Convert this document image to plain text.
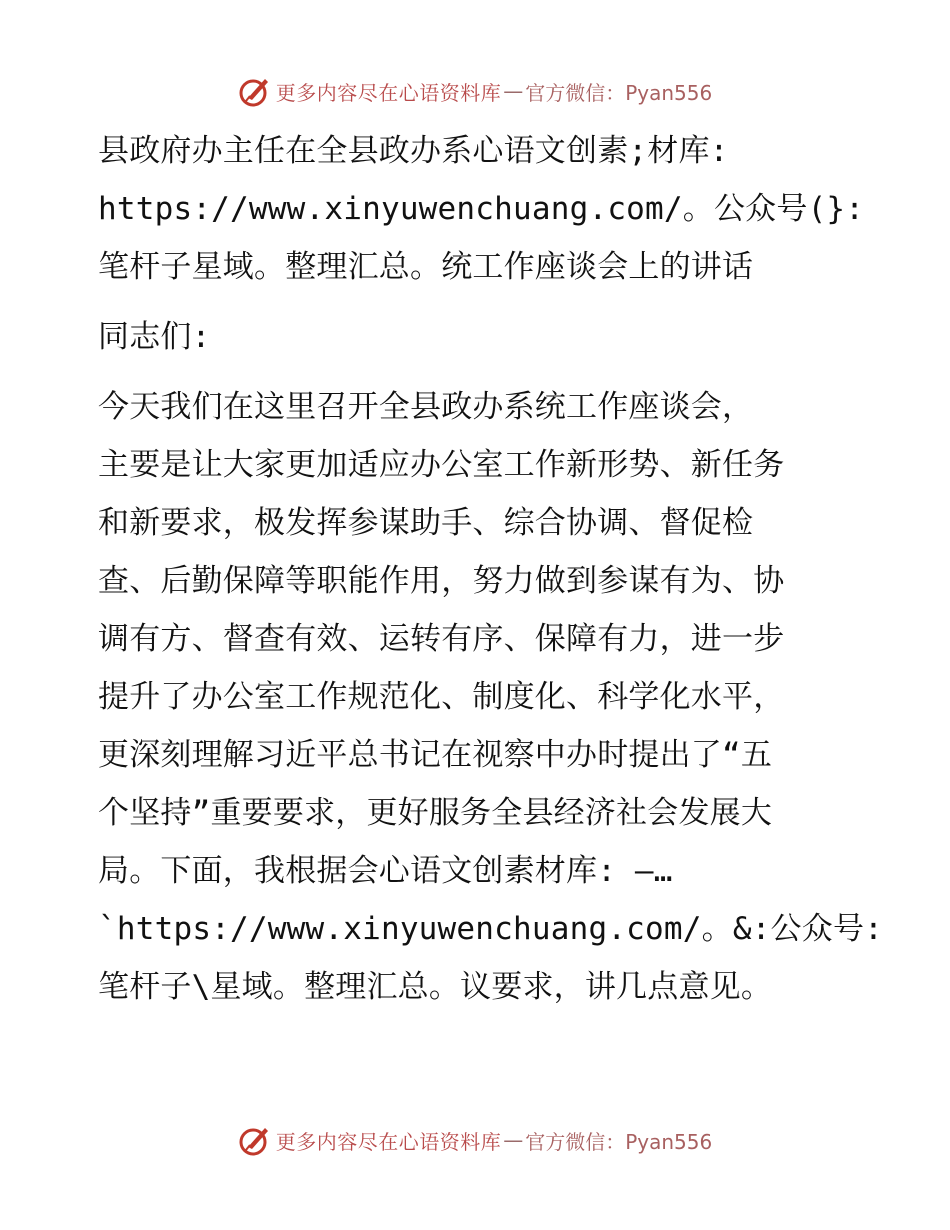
更多内容尽在心语资料库 — 官方微信：Pyan556
县政府办主任在全县政办系心语文创素;材库:
https://www.xinyuwenchuang.com/。公众号(}:
笔杆子星域。整理汇总。统工作座谈会上的讲话
同志们:
今天我们在这里召开全县政办系统工作座谈会，
主要是让大家更加适应办公室工作新形势、新任务
和新要求，极发挥参谋助手、综合协调、督促检
查、后勤保障等职能作用，努力做到参谋有为、协
调有方、督查有效、运转有序、保障有力，进一步
提升了办公室工作规范化、制度化、科学化水平，
更深刻理解习近平总书记在视察中办时提出了“五
个坚持”重要要求，更好服务全县经济社会发展大
局。下面，我根据会心语文创素材库: —…
`https://www.xinyuwenchuang.com/。&:公众号:
笔杆子\星域。整理汇总。议要求，讲几点意见。
更多内容尽在心语资料库 — 官方微信：Pyan556
